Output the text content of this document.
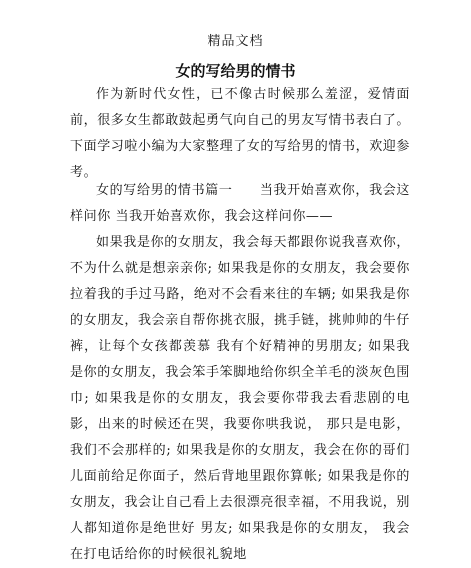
精品文档
女的写给男的情书

作为新时代女性，已不像古时候那么羞涩，爱情面前，很多女生都敢鼓起勇气向自己的男友写情书表白了。下面学习啦小编为大家整理了女的写给男的情书，欢迎参考。

女的写给男的情书篇一　　当我开始喜欢你，我会这样问你 当我开始喜欢你，我会这样问你——

如果我是你的女朋友，我会每天都跟你说我喜欢你，不为什么就是想亲亲你; 如果我是你的女朋友，我会要你拉着我的手过马路，绝对不会看来往的车辆; 如果我是你的女朋友，我会亲自帮你挑衣服，挑手链，挑帅帅的牛仔裤，让每个女孩都羡慕 我有个好精神的男朋友; 如果我是你的女朋友，我会笨手笨脚地给你织全羊毛的淡灰色围巾; 如果我是你的女朋友，我会要你带我去看悲剧的电影，出来的时候还在哭，我要你哄我说， 那只是电影，我们不会那样的; 如果我是你的女朋友，我会在你的哥们儿面前给足你面子，然后背地里跟你算帐; 如果我是你的女朋友，我会让自己看上去很漂亮很幸福，不用我说，别人都知道你是绝世好 男友; 如果我是你的女朋友， 我会在打电话给你的时候很礼貌地
